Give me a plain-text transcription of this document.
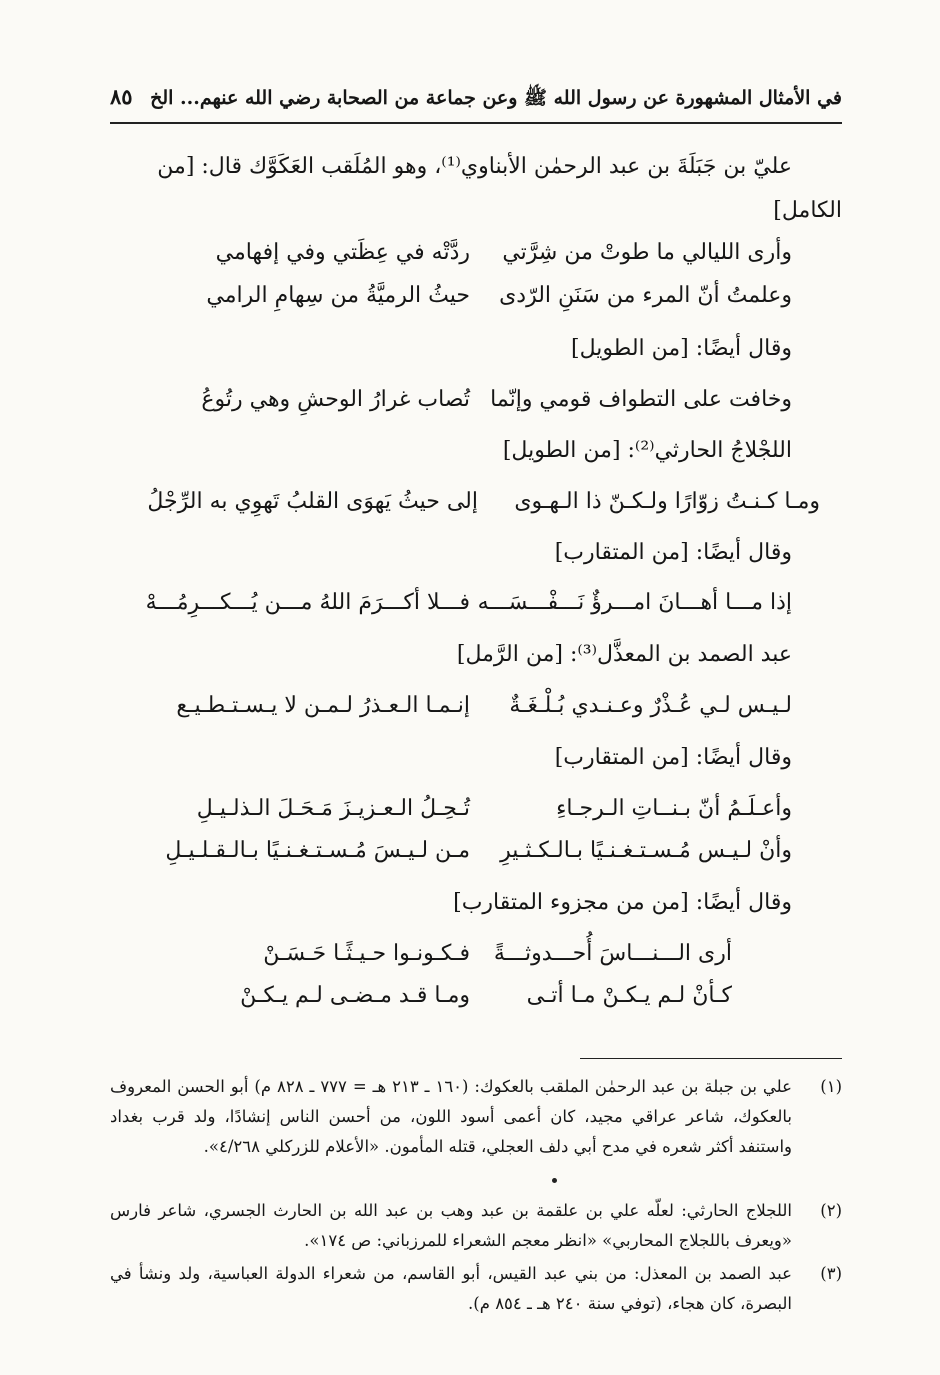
في الأمثال المشهورة عن رسول الله ﷺ وعن جماعة من الصحابة رضي الله عنهم... الخ
٨٥
عليّ بن جَبَلَةَ بن عبد الرحمٰن الأبناوي⁽¹⁾، وهو المُلَقب العَكَوَّك قال: [من الكامل]
وأرى الليالي ما طوتْ من شِرَّتي
ردَّتْه في عِظَتي وفي إفهامي
وعلمتُ أنّ المرء من سَنَنِ الرّدى
حيثُ الرميَّةُ من سِهامِ الرامي
وقال أيضًا: [من الطويل]
وخافت على التطواف قومي وإنّما
تُصاب غرارُ الوحشِ وهي رتُوعُ
اللجْلاجُ الحارثي⁽²⁾: [من الطويل]
ومـا كـنـتُ زوّارًا ولـكـنّ ذا الـهـوى
إلى حيثُ يَهوَى القلبُ تَهوِي به الرِّجْلُ
وقال أيضًا: [من المتقارب]
إذا مـــا أهـــانَ امـــرؤٌ نَـــفْـــسَـــه
فـــلا أكـــرَمَ اللهُ مـــن يُـــكـــرِمُـــهْ
عبد الصمد بن المعذَّل⁽³⁾: [من الرَّمل]
لـيـس لـي عُـذْرٌ وعـنـدي بُـلْـغَـةٌ
إنـمـا الـعـذرُ لـمـن لا يـسـتـطـيـع
وقال أيضًا: [من المتقارب]
وأعـلَـمُ أنّ بـنــاتِ الـرجـاءِ
تُـحِـلُ الـعـزيـزَ مَـحَـلَ الـذلـيـلِ
وأنْ لـيـس مُـسـتـغـنـيًا بـالـكـثـيرِ
مـن لـيـسَ مُـسـتـغـنـيًا بـالـقـلـيـلِ
وقال أيضًا: [من من مجزوء المتقارب]
أرى الـــنـــاسَ أُحـــدوثـــةً
فـكـونـوا حـيـثًـا حَـسَـنْ
كـأنْ لـم يـكـنْ مـا أتـى
ومـا قـد مـضـى لـم يـكـنْ
(١)
علي بن جبلة بن عبد الرحمٰن الملقب بالعكوك: (١٦٠ ـ ٢١٣ هـ = ٧٧٧ ـ ٨٢٨ م) أبو الحسن المعروف بالعكوك، شاعر عراقي مجيد، كان أعمى أسود اللون، من أحسن الناس إنشادًا، ولد قرب بغداد واستنفد أكثر شعره في مدح أبي دلف العجلي، قتله المأمون. «الأعلام للزركلي ٤/٢٦٨».
(٢)
اللجلاج الحارثي: لعلّه علي بن علقمة بن عبد وهب بن عبد الله بن الحارث الجسري، شاعر فارس «ويعرف باللجلاج المحاربي» «انظر معجم الشعراء للمرزباني: ص ١٧٤».
(٣)
عبد الصمد بن المعذل: من بني عبد القيس، أبو القاسم، من شعراء الدولة العباسية، ولد ونشأ في البصرة، كان هجاء، (توفي سنة ٢٤٠ هـ ـ ٨٥٤ م).
